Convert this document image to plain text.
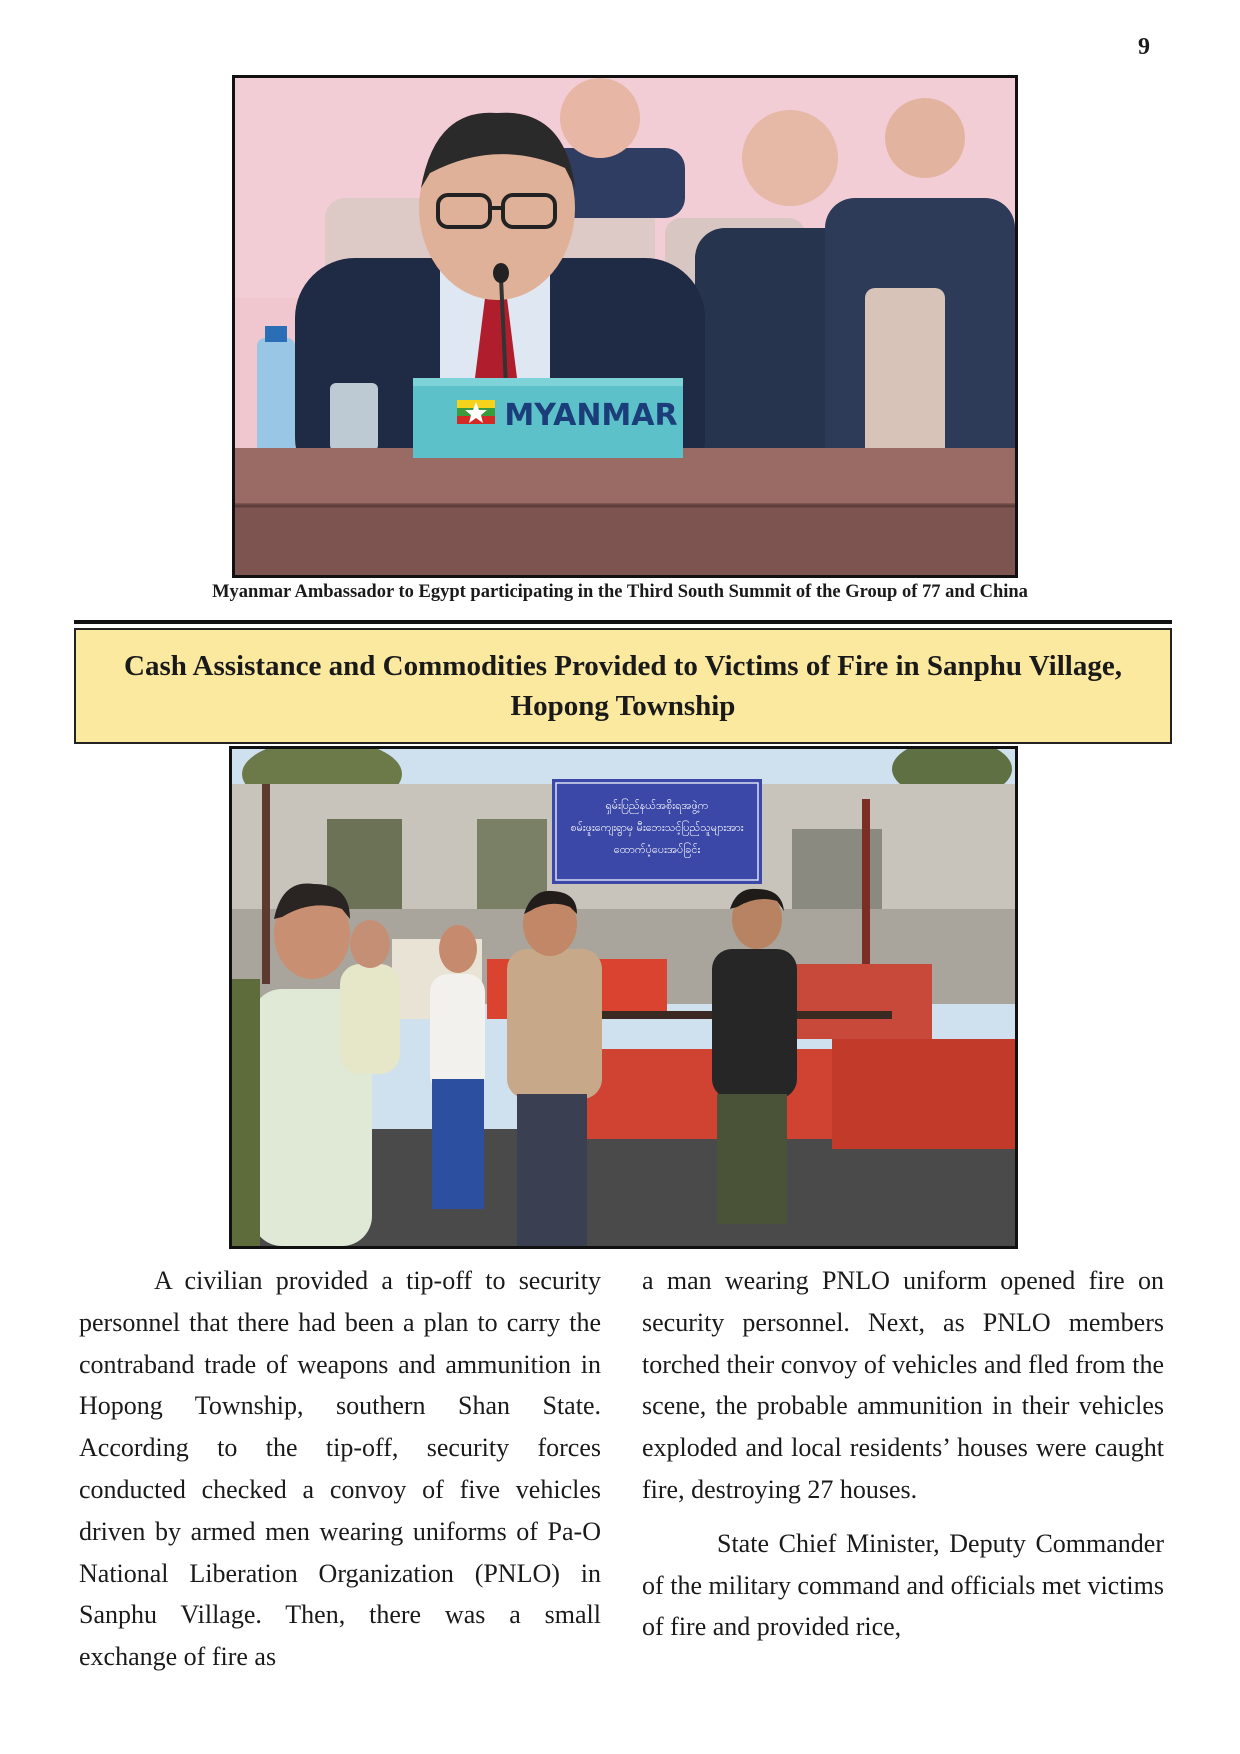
9
MYANMAR
Myanmar Ambassador to Egypt participating in the Third South Summit of the Group of 77 and China
Cash Assistance and Commodities Provided to Victims of Fire in Sanphu Village, Hopong Township
ရှမ်းပြည်နယ်အစိုးရအဖွဲ့က
စမ်းဖူးကျေးရွာမှ မီးဘေးသင့်ပြည်သူများအား
ထောက်ပံ့ပေးအပ်ခြင်း

A civilian provided a tip-off to security personnel that there had been a plan to carry the contraband trade of weapons and ammunition in Hopong Township, southern Shan State. According to the tip-off, security forces conducted checked a convoy of five vehicles driven by armed men wearing uniforms of Pa-O National Liberation Organization (PNLO) in Sanphu Village. Then, there was a small exchange of fire as

a man wearing PNLO uniform opened fire on security personnel. Next, as PNLO members torched their convoy of vehicles and fled from the scene, the probable ammunition in their vehicles exploded and local residents’ houses were caught fire, destroying 27 houses.

State Chief Minister, Deputy Commander of the military command and officials met victims of fire and provided rice,
